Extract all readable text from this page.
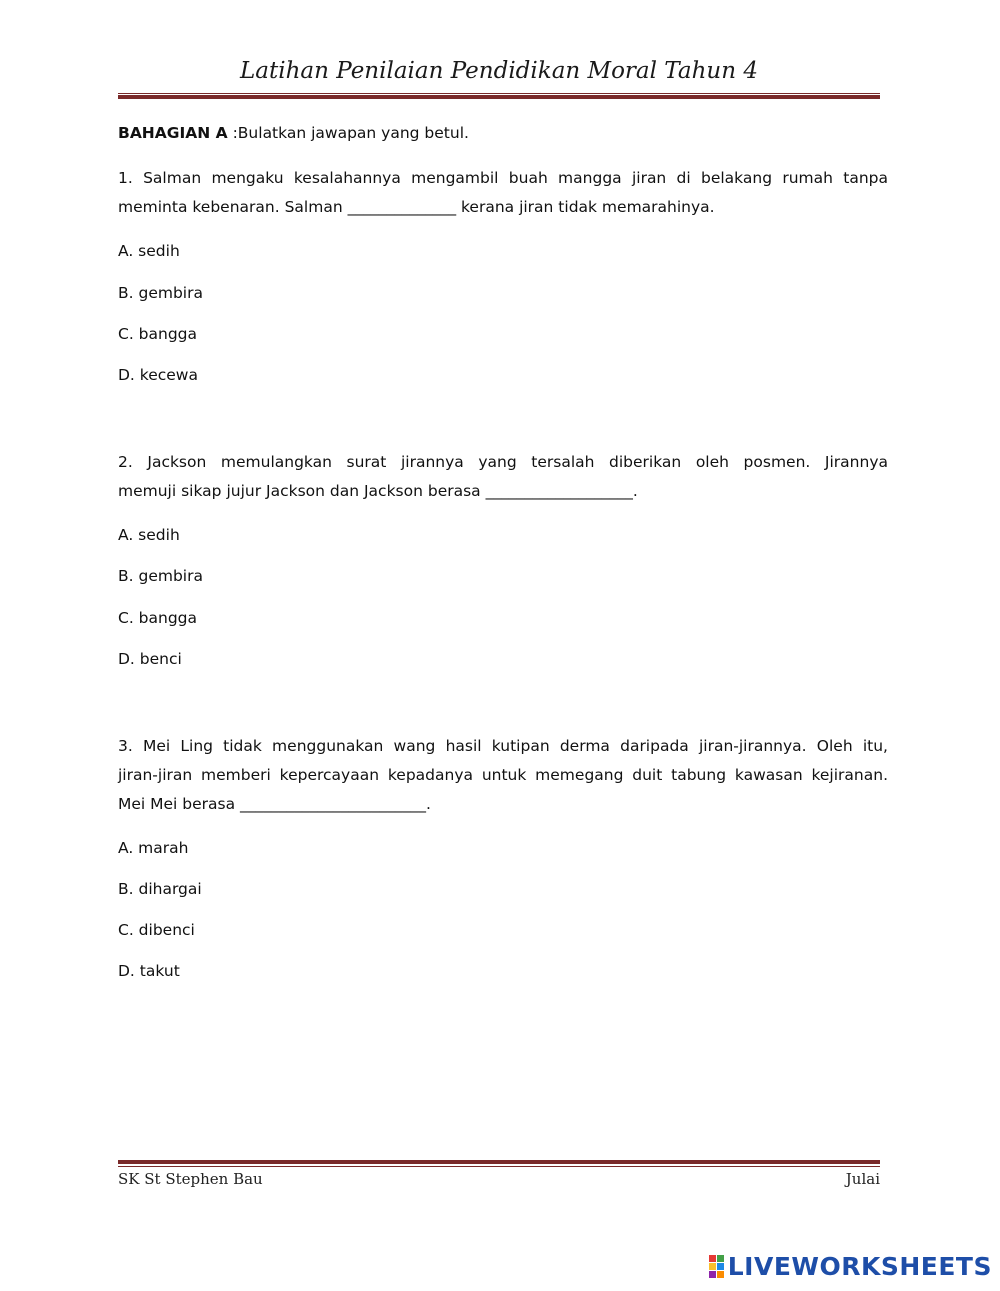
Latihan Penilaian Pendidikan Moral Tahun 4
BAHAGIAN A :Bulatkan jawapan yang betul.
1. Salman mengaku kesalahannya mengambil buah mangga jiran di belakang rumah tanpa
meminta kebenaran. Salman ______________ kerana jiran tidak memarahinya.
A. sedih
B. gembira
C. bangga
D. kecewa
2. Jackson memulangkan surat jirannya yang tersalah diberikan oleh posmen. Jirannya
memuji sikap jujur Jackson dan Jackson berasa ___________________.
A. sedih
B. gembira
C. bangga
D. benci
3. Mei Ling tidak menggunakan wang hasil kutipan derma daripada jiran-jirannya. Oleh itu,
jiran-jiran memberi kepercayaan kepadanya untuk memegang duit tabung kawasan kejiranan.
Mei Mei berasa ________________________.
A. marah
B. dihargai
C. dibenci
D. takut
SK St Stephen Bau	Julai
LIVEWORKSHEETS
